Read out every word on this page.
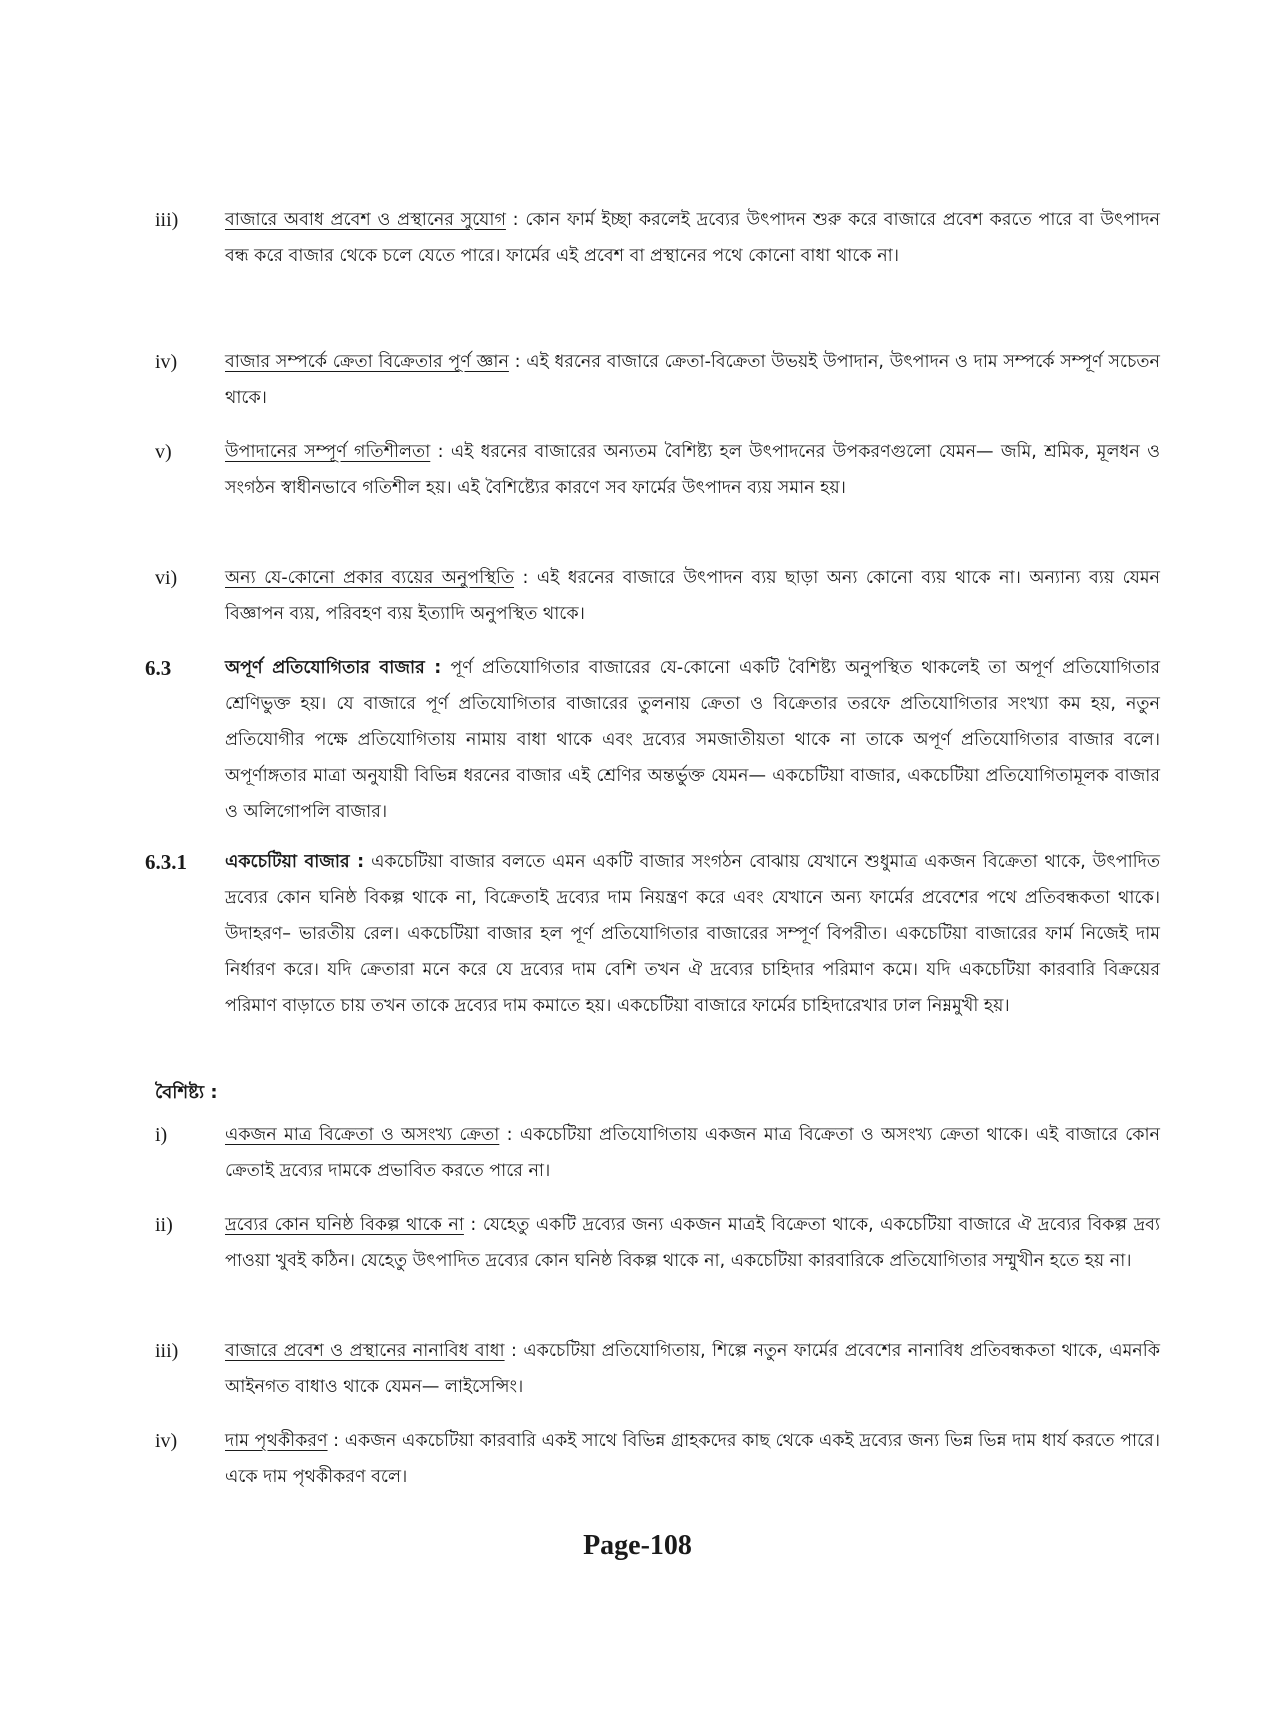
iii)	বাজারে অবাধ প্রবেশ ও প্রস্থানের সুযোগ : কোন ফার্ম ইচ্ছা করলেই দ্রব্যের উৎপাদন শুরু করে বাজারে প্রবেশ করতে পারে বা উৎপাদন বন্ধ করে বাজার থেকে চলে যেতে পারে। ফার্মের এই প্রবেশ বা প্রস্থানের পথে কোনো বাধা থাকে না।
iv)	বাজার সম্পর্কে ক্রেতা বিক্রেতার পূর্ণ জ্ঞান : এই ধরনের বাজারে ক্রেতা-বিক্রেতা উভয়ই উপাদান, উৎপাদন ও দাম সম্পর্কে সম্পূর্ণ সচেতন থাকে।
v)	উপাদানের সম্পূর্ণ গতিশীলতা : এই ধরনের বাজারের অন্যতম বৈশিষ্ট্য হল উৎপাদনের উপকরণগুলো যেমন— জমি, শ্রমিক, মূলধন ও সংগঠন স্বাধীনভাবে গতিশীল হয়। এই বৈশিষ্ট্যের কারণে সব ফার্মের উৎপাদন ব্যয় সমান হয়।
vi)	অন্য যে-কোনো প্রকার ব্যয়ের অনুপস্থিতি : এই ধরনের বাজারে উৎপাদন ব্যয় ছাড়া অন্য কোনো ব্যয় থাকে না। অন্যান্য ব্যয় যেমন বিজ্ঞাপন ব্যয়, পরিবহণ ব্যয় ইত্যাদি অনুপস্থিত থাকে।
6.3	অপূর্ণ প্রতিযোগিতার বাজার : পূর্ণ প্রতিযোগিতার বাজারের যে-কোনো একটি বৈশিষ্ট্য অনুপস্থিত থাকলেই তা অপূর্ণ প্রতিযোগিতার শ্রেণিভুক্ত হয়। যে বাজারে পূর্ণ প্রতিযোগিতার বাজারের তুলনায় ক্রেতা ও বিক্রেতার তরফে প্রতিযোগিতার সংখ্যা কম হয়, নতুন প্রতিযোগীর পক্ষে প্রতিযোগিতায় নামায় বাধা থাকে এবং দ্রব্যের সমজাতীয়তা থাকে না তাকে অপূর্ণ প্রতিযোগিতার বাজার বলে। অপূর্ণাঙ্গতার মাত্রা অনুযায়ী বিভিন্ন ধরনের বাজার এই শ্রেণির অন্তর্ভুক্ত যেমন— একচেটিয়া বাজার, একচেটিয়া প্রতিযোগিতামূলক বাজার ও অলিগোপলি বাজার।
6.3.1 একচেটিয়া বাজার : একচেটিয়া বাজার বলতে এমন একটি বাজার সংগঠন বোঝায় যেখানে শুধুমাত্র একজন বিক্রেতা থাকে, উৎপাদিত দ্রব্যের কোন ঘনিষ্ঠ বিকল্প থাকে না, বিক্রেতাই দ্রব্যের দাম নিয়ন্ত্রণ করে এবং যেখানে অন্য ফার্মের প্রবেশের পথে প্রতিবন্ধকতা থাকে। উদাহরণ– ভারতীয় রেল। একচেটিয়া বাজার হল পূর্ণ প্রতিযোগিতার বাজারের সম্পূর্ণ বিপরীত। একচেটিয়া বাজারের ফার্ম নিজেই দাম নির্ধারণ করে। যদি ক্রেতারা মনে করে যে দ্রব্যের দাম বেশি তখন ঐ দ্রব্যের চাহিদার পরিমাণ কমে। যদি একচেটিয়া কারবারি বিক্রয়ের পরিমাণ বাড়াতে চায় তখন তাকে দ্রব্যের দাম কমাতে হয়। একচেটিয়া বাজারে ফার্মের চাহিদারেখার ঢাল নিম্নমুখী হয়।
বৈশিষ্ট্য :
i)	একজন মাত্র বিক্রেতা ও অসংখ্য ক্রেতা : একচেটিয়া প্রতিযোগিতায় একজন মাত্র বিক্রেতা ও অসংখ্য ক্রেতা থাকে। এই বাজারে কোন ক্রেতাই দ্রব্যের দামকে প্রভাবিত করতে পারে না।
ii)	দ্রব্যের কোন ঘনিষ্ঠ বিকল্প থাকে না : যেহেতু একটি দ্রব্যের জন্য একজন মাত্রই বিক্রেতা থাকে, একচেটিয়া বাজারে ঐ দ্রব্যের বিকল্প দ্রব্য পাওয়া খুবই কঠিন। যেহেতু উৎপাদিত দ্রব্যের কোন ঘনিষ্ঠ বিকল্প থাকে না, একচেটিয়া কারবারিকে প্রতিযোগিতার সম্মুখীন হতে হয় না।
iii)	বাজারে প্রবেশ ও প্রস্থানের নানাবিধ বাধা : একচেটিয়া প্রতিযোগিতায়, শিল্পে নতুন ফার্মের প্রবেশের নানাবিধ প্রতিবন্ধকতা থাকে, এমনকি আইনগত বাধাও থাকে যেমন— লাইসেন্সিং।
iv)	দাম পৃথকীকরণ : একজন একচেটিয়া কারবারি একই সাথে বিভিন্ন গ্রাহকদের কাছ থেকে একই দ্রব্যের জন্য ভিন্ন ভিন্ন দাম ধার্য করতে পারে। একে দাম পৃথকীকরণ বলে।
Page-108
